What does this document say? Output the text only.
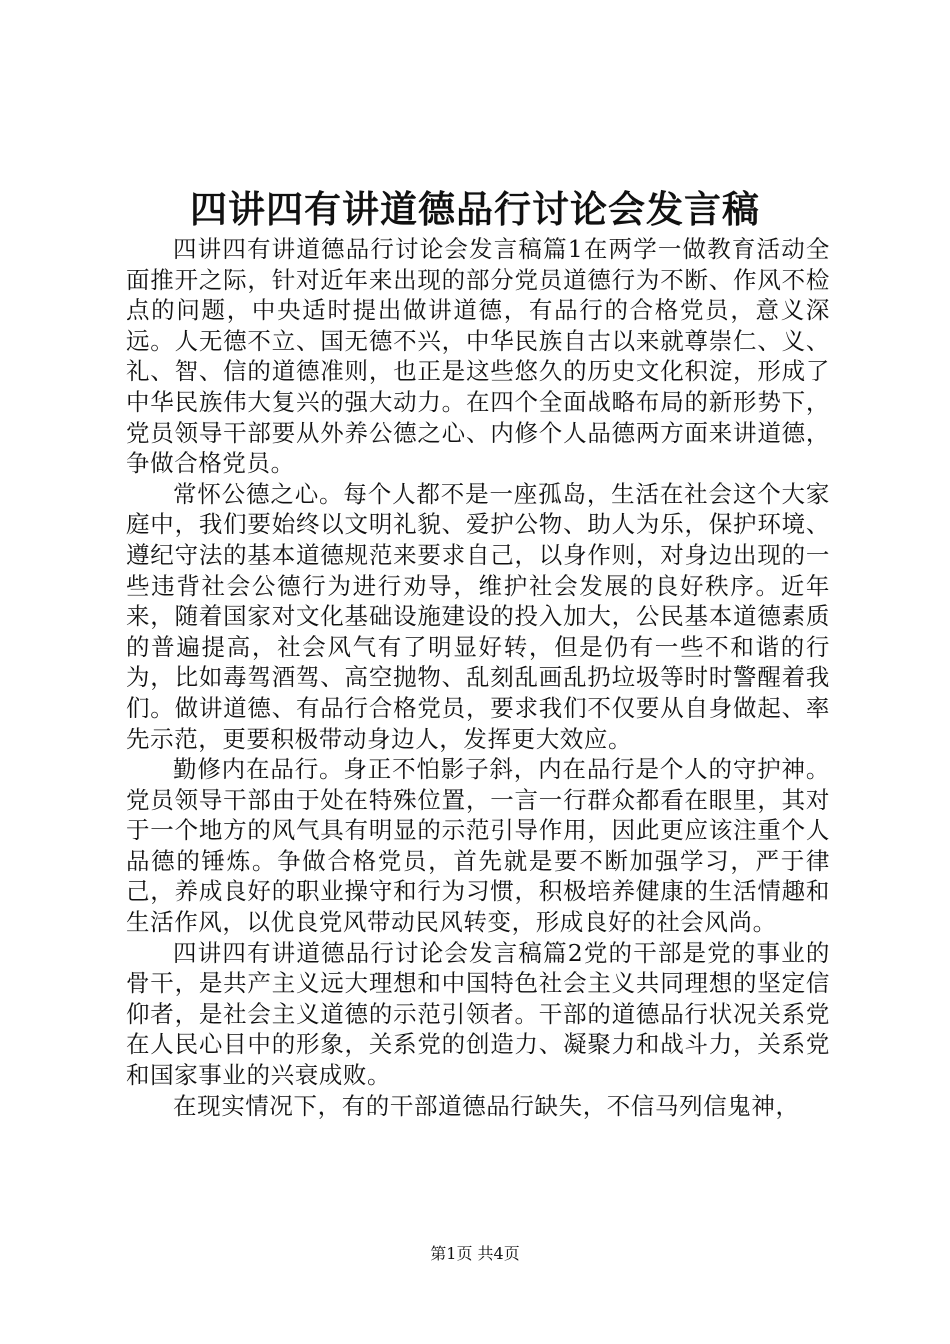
四讲四有讲道德品行讨论会发言稿

四讲四有讲道德品行讨论会发言稿篇1在两学一做教育活动全面推开之际，针对近年来出现的部分党员道德行为不断、作风不检点的问题，中央适时提出做讲道德，有品行的合格党员，意义深远。人无德不立、国无德不兴，中华民族自古以来就尊崇仁、义、礼、智、信的道德准则，也正是这些悠久的历史文化积淀，形成了中华民族伟大复兴的强大动力。在四个全面战略布局的新形势下，党员领导干部要从外养公德之心、内修个人品德两方面来讲道德，争做合格党员。

常怀公德之心。每个人都不是一座孤岛，生活在社会这个大家庭中，我们要始终以文明礼貌、爱护公物、助人为乐，保护环境、遵纪守法的基本道德规范来要求自己，以身作则，对身边出现的一些违背社会公德行为进行劝导，维护社会发展的良好秩序。近年来，随着国家对文化基础设施建设的投入加大，公民基本道德素质的普遍提高，社会风气有了明显好转，但是仍有一些不和谐的行为，比如毒驾酒驾、高空抛物、乱刻乱画乱扔垃圾等时时警醒着我们。做讲道德、有品行合格党员，要求我们不仅要从自身做起、率先示范，更要积极带动身边人，发挥更大效应。

勤修内在品行。身正不怕影子斜，内在品行是个人的守护神。党员领导干部由于处在特殊位置，一言一行群众都看在眼里，其对于一个地方的风气具有明显的示范引导作用，因此更应该注重个人品德的锤炼。争做合格党员，首先就是要不断加强学习，严于律己，养成良好的职业操守和行为习惯，积极培养健康的生活情趣和生活作风，以优良党风带动民风转变，形成良好的社会风尚。

四讲四有讲道德品行讨论会发言稿篇2党的干部是党的事业的骨干，是共产主义远大理想和中国特色社会主义共同理想的坚定信仰者，是社会主义道德的示范引领者。干部的道德品行状况关系党在人民心目中的形象，关系党的创造力、凝聚力和战斗力，关系党和国家事业的兴衰成败。

在现实情况下，有的干部道德品行缺失，不信马列信鬼神，

第1页 共4页
